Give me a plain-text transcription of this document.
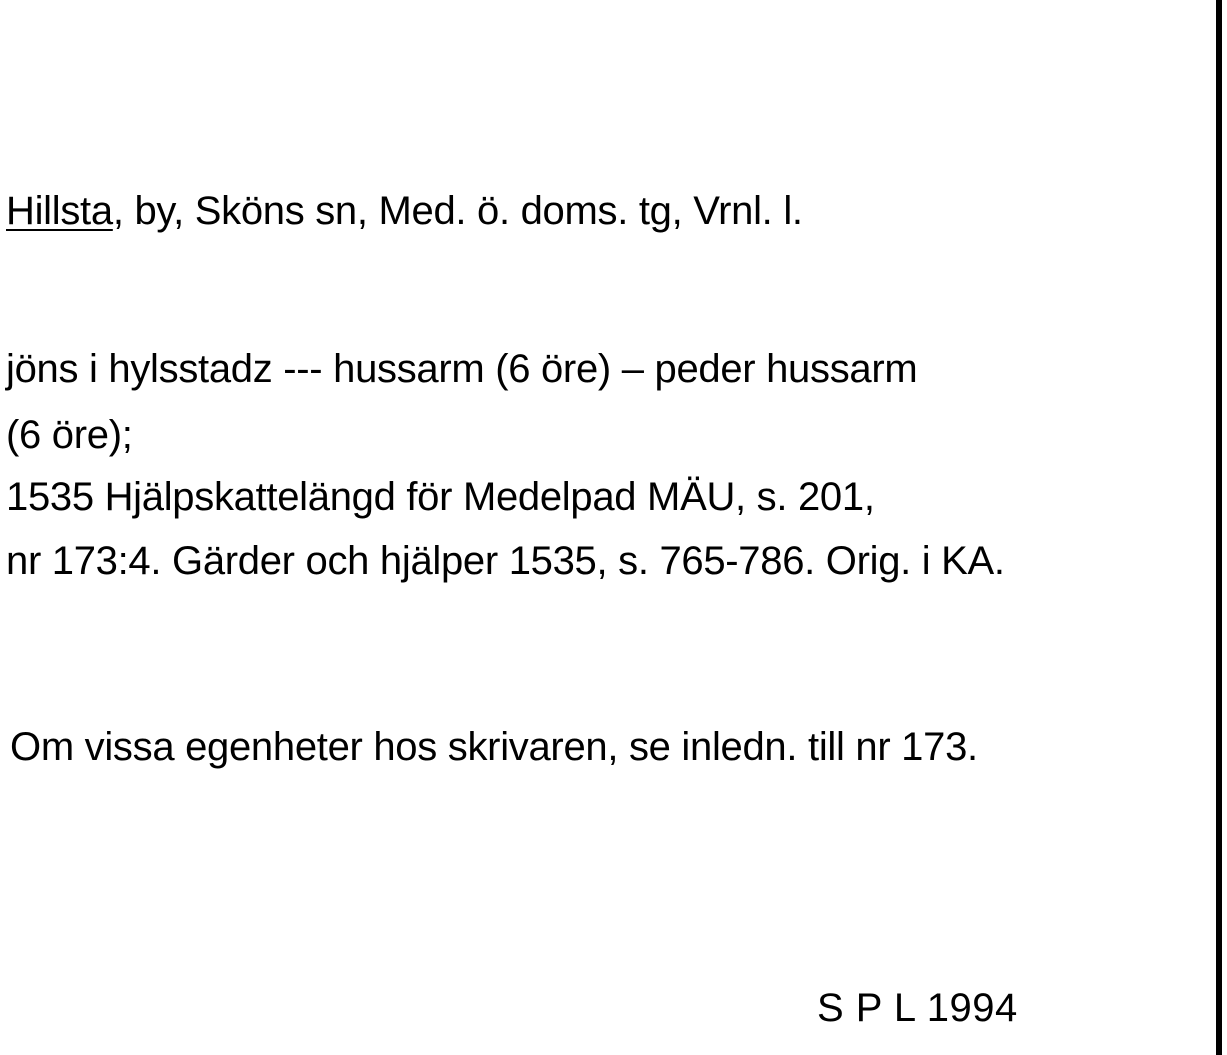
Hillsta, by, Sköns sn, Med. ö. doms. tg, Vrnl. l.
jöns i hylsstadz --- hussarm (6 öre) – peder hussarm
(6 öre);
1535 Hjälpskattelängd för Medelpad MÄU, s. 201,
nr 173:4. Gärder och hjälper 1535, s. 765-786. Orig. i KA.
Om vissa egenheter hos skrivaren, se inledn. till nr 173.
S P L 1994
